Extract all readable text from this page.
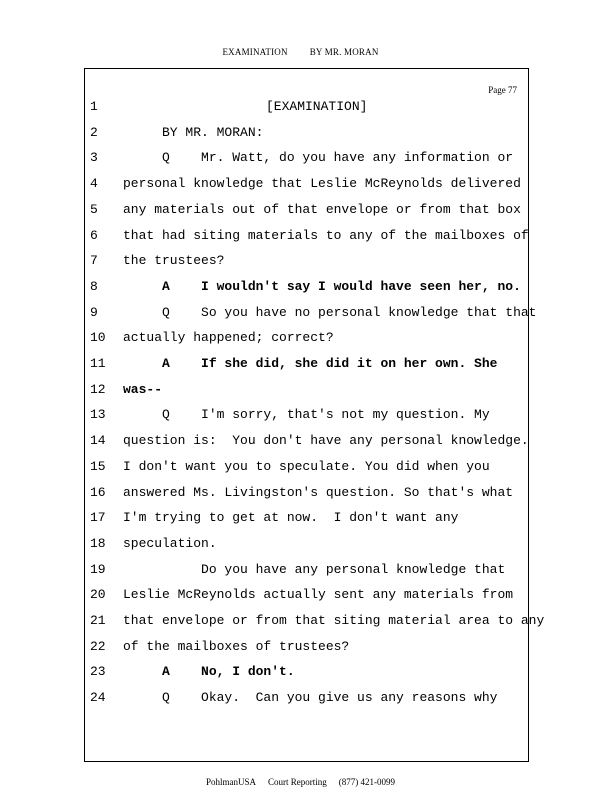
EXAMINATION BY MR. MORAN
Page 77
1	[EXAMINATION]
2	BY MR. MORAN:
3	Q    Mr. Watt, do you have any information or
4	personal knowledge that Leslie McReynolds delivered
5	any materials out of that envelope or from that box
6	that had siting materials to any of the mailboxes of
7	the trustees?
8	A    I wouldn't say I would have seen her, no.
9	Q    So you have no personal knowledge that that
10	actually happened; correct?
11	A    If she did, she did it on her own. She
12	was--
13	Q    I'm sorry, that's not my question. My
14	question is:  You don't have any personal knowledge.
15	I don't want you to speculate. You did when you
16	answered Ms. Livingston's question. So that's what
17	I'm trying to get at now.  I don't want any
18	speculation.
19	Do you have any personal knowledge that
20	Leslie McReynolds actually sent any materials from
21	that envelope or from that siting material area to any
22	of the mailboxes of trustees?
23	A    No, I don't.
24	Q    Okay.  Can you give us any reasons why
PohlmanUSA Court Reporting (877) 421-0099
